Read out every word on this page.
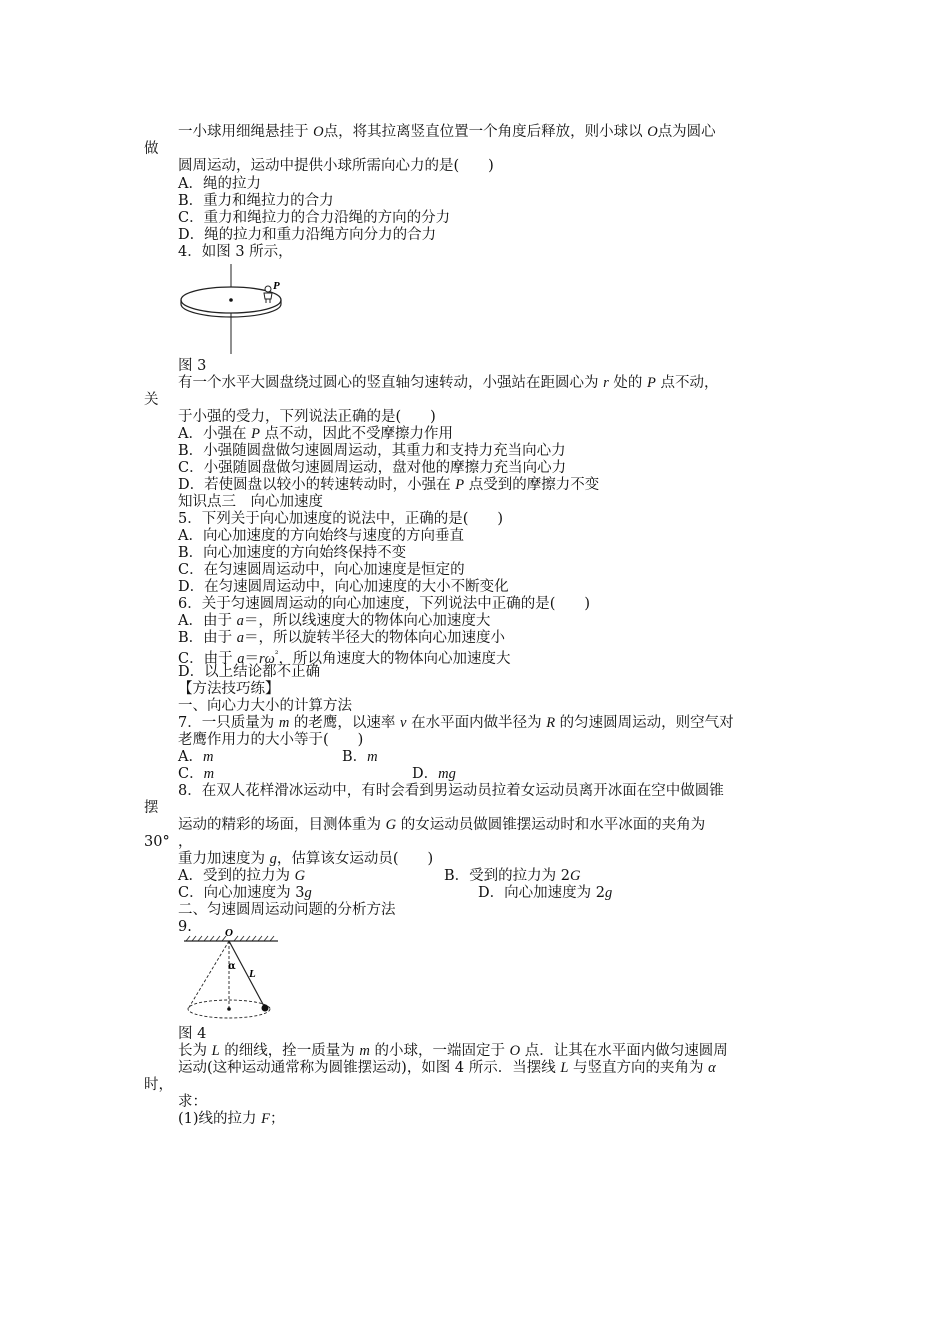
一小球用细绳悬挂于 O点，将其拉离竖直位置一个角度后释放，则小球以 O点为圆心
做
圆周运动，运动中提供小球所需向心力的是(　　)
A．绳的拉力
B．重力和绳拉力的合力
C．重力和绳拉力的合力沿绳的方向的分力
D．绳的拉力和重力沿绳方向分力的合力
4．如图 3 所示，
P
图 3
有一个水平大圆盘绕过圆心的竖直轴匀速转动，小强站在距圆心为 r 处的 P 点不动，
关
于小强的受力，下列说法正确的是(　　)
A．小强在 P 点不动，因此不受摩擦力作用
B．小强随圆盘做匀速圆周运动，其重力和支持力充当向心力
C．小强随圆盘做匀速圆周运动，盘对他的摩擦力充当向心力
D．若使圆盘以较小的转速转动时，小强在 P 点受到的摩擦力不变
知识点三　向心加速度
5．下列关于向心加速度的说法中，正确的是(　　)
A．向心加速度的方向始终与速度的方向垂直
B．向心加速度的方向始终保持不变
C．在匀速圆周运动中，向心加速度是恒定的
D．在匀速圆周运动中，向心加速度的大小不断变化
6．关于匀速圆周运动的向心加速度，下列说法中正确的是(　　)
A．由于 a＝，所以线速度大的物体向心加速度大
B．由于 a＝，所以旋转半径大的物体向心加速度小
C．由于 $a=r\omega^{^2}$，所以角速度大的物体向心加速度大
D．以上结论都不正确
【方法技巧练】
一、向心力大小的计算方法
7．一只质量为 m 的老鹰，以速率 v 在水平面内做半径为 R 的匀速圆周运动，则空气对
老鹰作用力的大小等于(　　)
A．m	B．m
C．m	D．mg
8．在双人花样滑冰运动中，有时会看到男运动员拉着女运动员离开冰面在空中做圆锥
摆
运动的精彩的场面，目测体重为 G 的女运动员做圆锥摆运动时和水平冰面的夹角为
30° ，
重力加速度为 g，估算该女运动员(　　)
A．受到的拉力为 G	B．受到的拉力为 2G
C．向心加速度为 3g	D．向心加速度为 2g
二、匀速圆周运动问题的分析方法
9.	O
α
L
图 4
长为 L 的细线，拴一质量为 m 的小球，一端固定于 O 点．让其在水平面内做匀速圆周
运动(这种运动通常称为圆锥摆运动)，如图 4 所示．当摆线 L 与竖直方向的夹角为 α
时，
求：
(1)线的拉力 F；
